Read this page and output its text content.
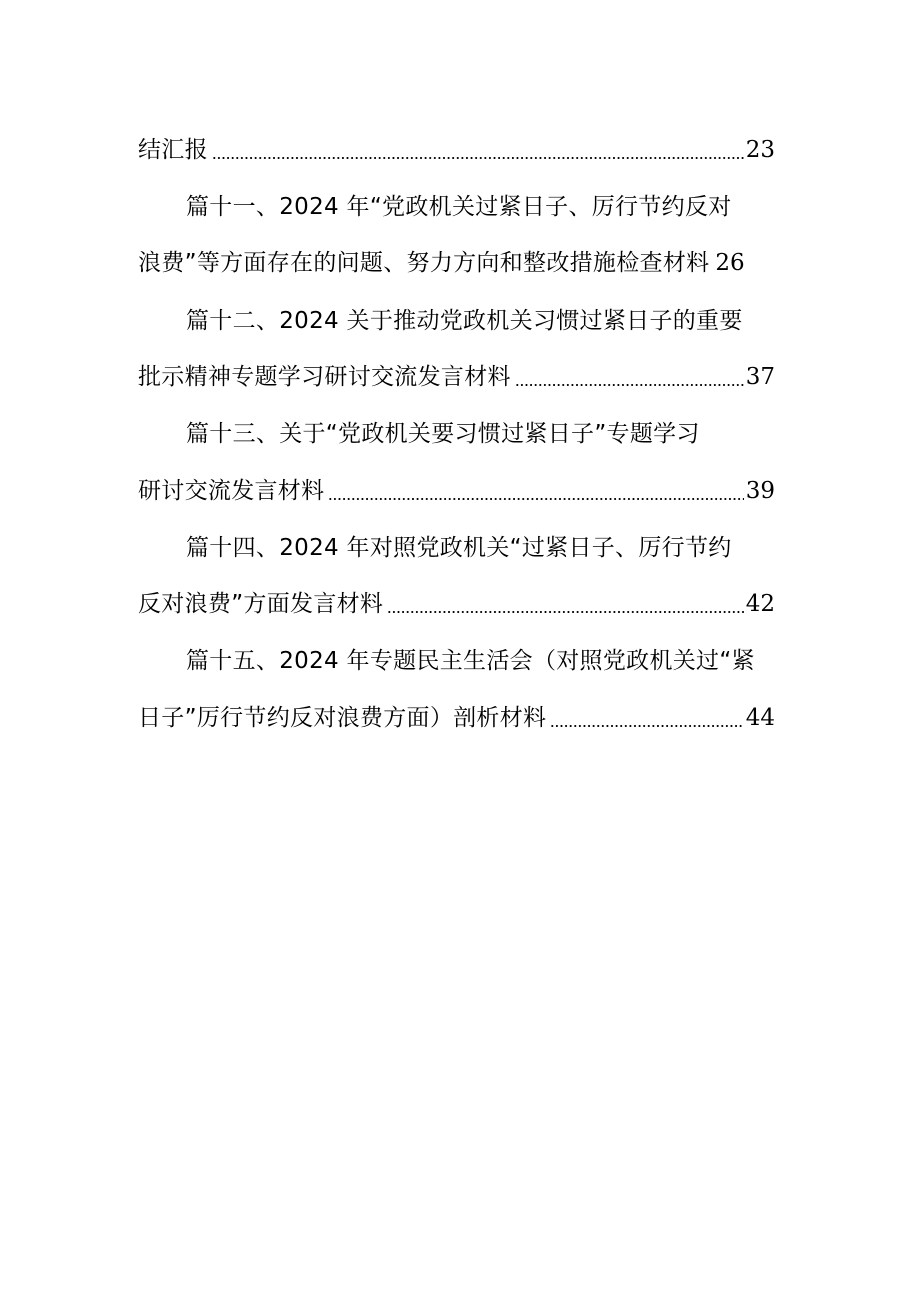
结汇报	23
篇十一、2024 年“党政机关过紧日子、厉行节约反对
浪费”等方面存在的问题、努力方向和整改措施检查材料 26
篇十二、2024 关于推动党政机关习惯过紧日子的重要
批示精神专题学习研讨交流发言材料	37
篇十三、关于“党政机关要习惯过紧日子”专题学习
研讨交流发言材料	39
篇十四、2024 年对照党政机关“过紧日子、厉行节约
反对浪费”方面发言材料	42
篇十五、2024 年专题民主生活会（对照党政机关过“紧
日子”厉行节约反对浪费方面）剖析材料	44
